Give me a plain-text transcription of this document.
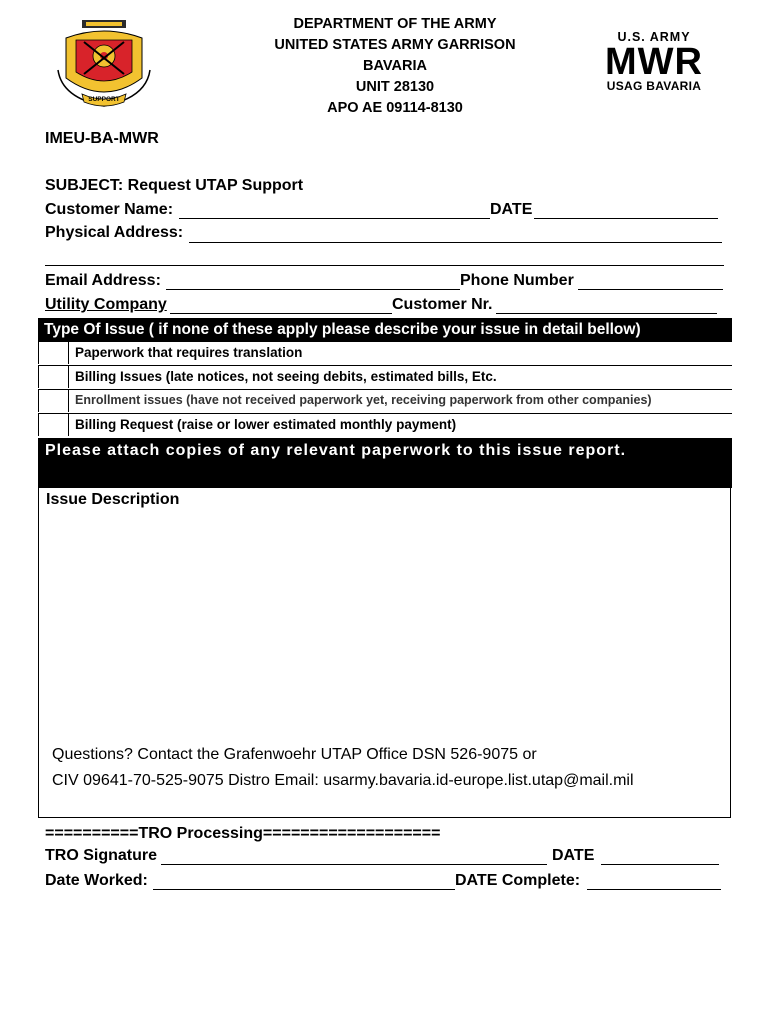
SUPPORT
DEPARTMENT OF THE ARMY
UNITED STATES ARMY GARRISON
BAVARIA
UNIT 28130
APO AE 09114-8130
U.S. ARMY
MWR
USAG BAVARIA
IMEU-BA-MWR
SUBJECT: Request UTAP Support
Customer Name:	DATE
Physical Address:
Email Address:	Phone Number
Utility Company	Customer Nr.
Type Of Issue ( if none of these apply please describe your issue in detail bellow)
Paperwork that requires translation
Billing Issues (late notices, not seeing debits, estimated bills, Etc.
Enrollment issues (have not received paperwork yet, receiving paperwork from other companies)
Billing Request (raise or lower estimated monthly payment)
Please attach copies of any relevant paperwork to this issue report.
Issue Description
Questions? Contact the Grafenwoehr UTAP Office DSN 526-9075 or
CIV 09641-70-525-9075 Distro Email: usarmy.bavaria.id-europe.list.utap@mail.mil
==========TRO Processing===================
TRO Signature	DATE
Date Worked:	DATE Complete:
